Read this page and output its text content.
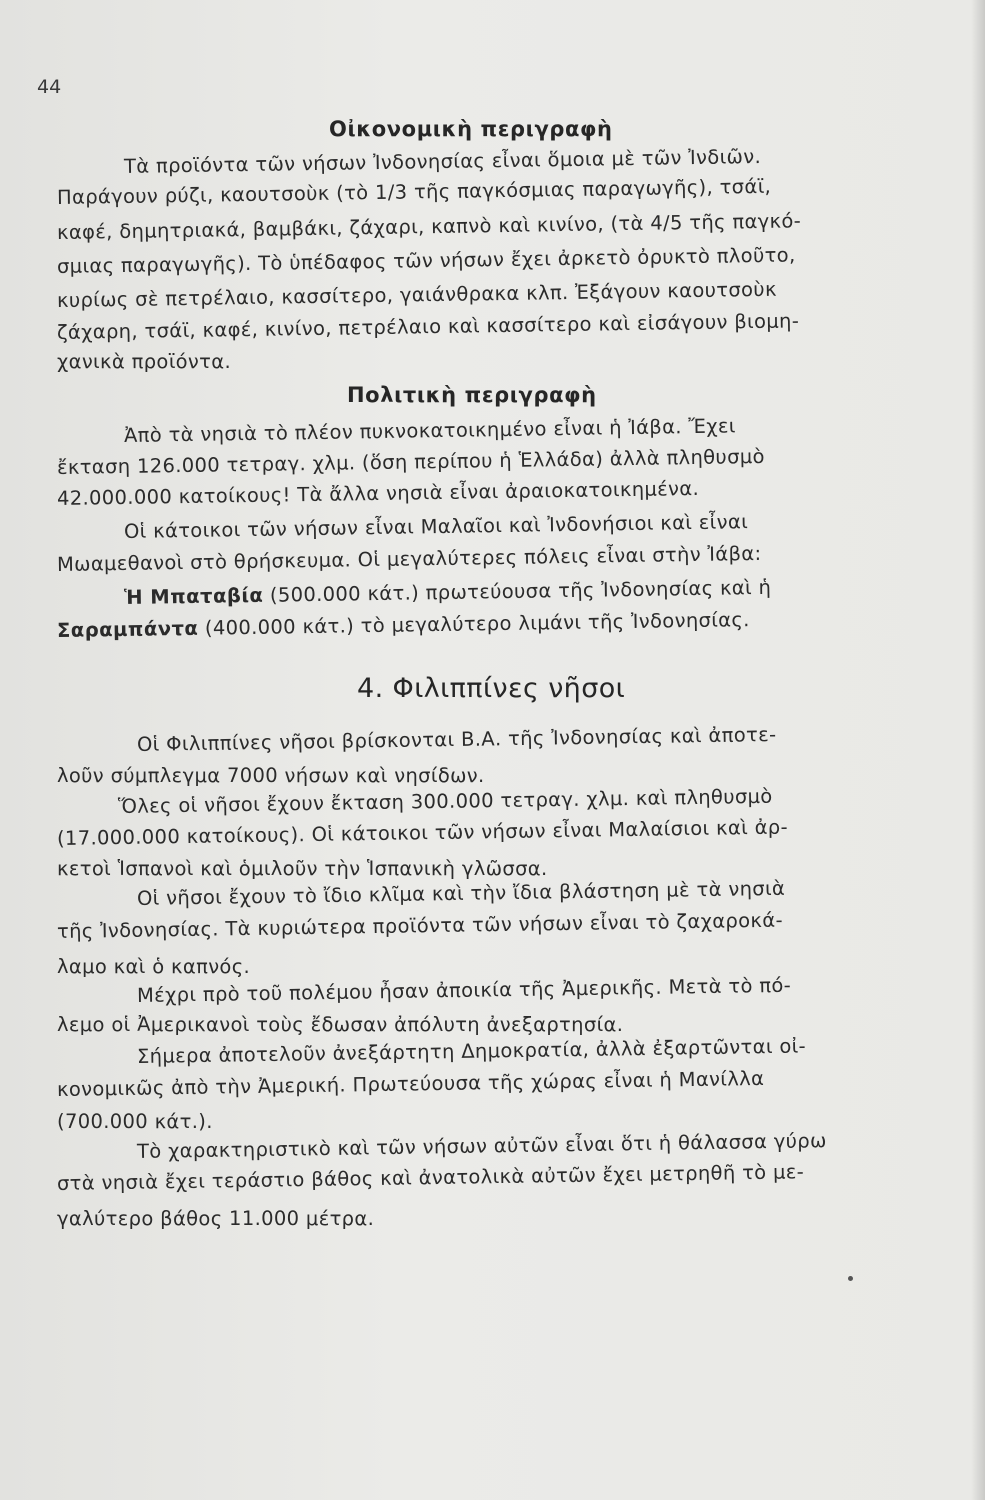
44
Οἰκονομικὴ περιγραφὴ
Τὰ προϊόντα τῶν νήσων Ἰνδονησίας εἶναι ὅμοια μὲ τῶν Ἰνδιῶν.
Παράγουν ρύζι, καουτσοὺκ (τὸ 1/3 τῆς παγκόσμιας παραγωγῆς), τσάϊ,
καφέ, δημητριακά, βαμβάκι, ζάχαρι, καπνὸ καὶ κινίνο, (τὰ 4/5 τῆς παγκό-
σμιας παραγωγῆς). Τὸ ὑπέδαφος τῶν νήσων ἔχει ἀρκετὸ ὀρυκτὸ πλοῦτο,
κυρίως σὲ πετρέλαιο, κασσίτερο, γαιάνθρακα κλπ. Ἐξάγουν καουτσοὺκ
ζάχαρη, τσάϊ, καφέ, κινίνο, πετρέλαιο καὶ κασσίτερο καὶ εἰσάγουν βιομη-
χανικὰ προϊόντα.
Πολιτικὴ περιγραφὴ
Ἀπὸ τὰ νησιὰ τὸ πλέον πυκνοκατοικημένο εἶναι ἡ Ἰάβα. Ἔχει
ἔκταση 126.000 τετραγ. χλμ. (ὅση περίπου ἡ Ἑλλάδα) ἀλλὰ πληθυσμὸ
42.000.000 κατοίκους! Τὰ ἄλλα νησιὰ εἶναι ἀραιοκατοικημένα.
Οἱ κάτοικοι τῶν νήσων εἶναι Μαλαῖοι καὶ Ἰνδονήσιοι καὶ εἶναι
Μωαμεθανοὶ στὸ θρήσκευμα. Οἱ μεγαλύτερες πόλεις εἶναι στὴν Ἰάβα:
Ἡ Μπαταβία (500.000 κάτ.) πρωτεύουσα τῆς Ἰνδονησίας καὶ ἡ
Σαραμπάντα (400.000 κάτ.) τὸ μεγαλύτερο λιμάνι τῆς Ἰνδονησίας.
4. Φιλιππίνες νῆσοι
Οἱ Φιλιππίνες νῆσοι βρίσκονται Β.Α. τῆς Ἰνδονησίας καὶ ἀποτε-
λοῦν σύμπλεγμα 7000 νήσων καὶ νησίδων.
Ὅλες οἱ νῆσοι ἔχουν ἔκταση 300.000 τετραγ. χλμ. καὶ πληθυσμὸ
(17.000.000 κατοίκους). Οἱ κάτοικοι τῶν νήσων εἶναι Μαλαίσιοι καὶ ἀρ-
κετοὶ Ἱσπανοὶ καὶ ὁμιλοῦν τὴν Ἱσπανικὴ γλῶσσα.
Οἱ νῆσοι ἔχουν τὸ ἴδιο κλῖμα καὶ τὴν ἴδια βλάστηση μὲ τὰ νησιὰ
τῆς Ἰνδονησίας. Τὰ κυριώτερα προϊόντα τῶν νήσων εἶναι τὸ ζαχαροκά-
λαμο καὶ ὁ καπνός.
Μέχρι πρὸ τοῦ πολέμου ἦσαν ἀποικία τῆς Ἀμερικῆς. Μετὰ τὸ πό-
λεμο οἱ Ἀμερικανοὶ τοὺς ἔδωσαν ἀπόλυτη ἀνεξαρτησία.
Σήμερα ἀποτελοῦν ἀνεξάρτητη Δημοκρατία, ἀλλὰ ἐξαρτῶνται οἰ-
κονομικῶς ἀπὸ τὴν Ἀμερική. Πρωτεύουσα τῆς χώρας εἶναι ἡ Μανίλλα
(700.000 κάτ.).
Τὸ χαρακτηριστικὸ καὶ τῶν νήσων αὐτῶν εἶναι ὅτι ἡ θάλασσα γύρω
στὰ νησιὰ ἔχει τεράστιο βάθος καὶ ἀνατολικὰ αὐτῶν ἔχει μετρηθῆ τὸ με-
γαλύτερο βάθος 11.000 μέτρα.
